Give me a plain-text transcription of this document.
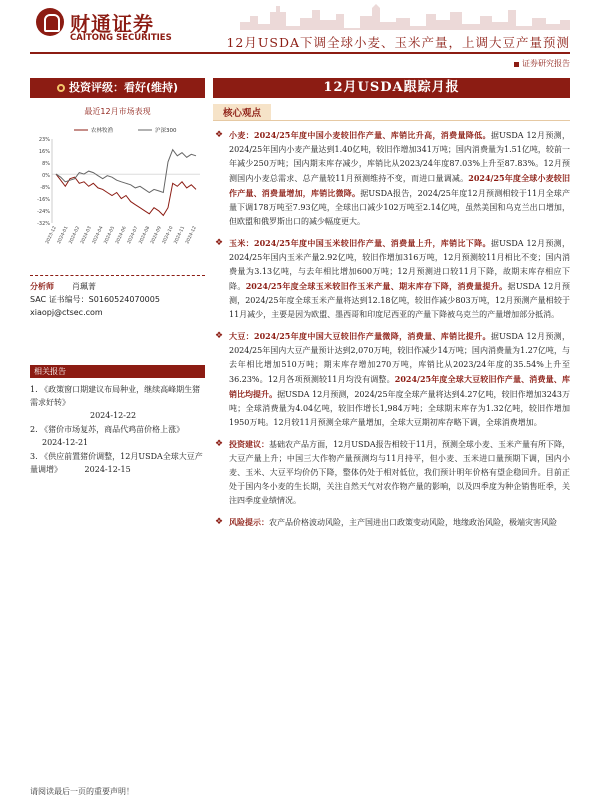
财通证券
CAITONG SECURITIES	12月USDA下调全球小麦、玉米产量，上调大豆产量预测
证券研究报告
投资评级：看好(维持)
最近12月市场表现
23%
16%
8%
0%
-8%
-16%
-24%
-32%
2023-12 2024-01 2024-02 2024-03 2024-04 2024-05 2024-06 2024-07 2024-08 2024-09 2024-10 2024-11 2024-12
农林牧渔	沪深300
分析师 肖珮菁
SAC 证书编号：S0160524070005
xiaopj@ctsec.com
相关报告
1. 《政策窗口期建议布局种业，继续高峰期生猪需求好转》
2024-12-22
2. 《猪价市场复苏，商品代鸡苗价格上涨》 2024-12-21
3. 《供应前置猪价调整，12月USDA全球大豆产量调增》	2024-12-15
12月USDA跟踪月报
核心观点
❖ 小麦：2024/25年度中国小麦较旧作产量、库销比升高，消费量降低。据USDA 12月预测，2024/25年国内小麦产量达到1.40亿吨，较旧作增加341万吨；国内消费量为1.51亿吨，较前一年减少250万吨；国内期末库存减少，库销比从2023/24年度87.03%上升至87.83%。12月预测国内小麦总需求、总产量较11月预测维持不变，而进口量调减。2024/25年度全球小麦较旧作产量、消费量增加，库销比微降。据USDA报告，2024/25年度12月预测相较于11月全球产量下调178万吨至7.93亿吨，全球出口减少102万吨至2.14亿吨，虽然美国和乌克兰出口增加，但欧盟和俄罗斯出口的减少幅度更大。
❖ 玉米：2024/25年度中国玉米较旧作产量、消费量上升，库销比下降。据USDA 12月预测，2024/25年国内玉米产量2.92亿吨，较旧作增加316万吨，12月预测较11月相比不变；国内消费量为3.13亿吨，与去年相比增加600万吨；12月预测进口较11月下降，故期末库存相应下降。2024/25年度全球玉米较旧作玉米产量、期末库存下降，消费量提升。据USDA 12月预测，2024/25年度全球玉米产量将达到12.18亿吨，较旧作减少803万吨，12月预测产量相较于11月减少，主要是因为欧盟、墨西哥和印度尼西亚的产量下降被乌克兰的产量增加部分抵消。
❖ 大豆：2024/25年度中国大豆较旧作产量微降，消费量、库销比提升。据USDA 12月预测，2024/25年国内大豆产量预计达到2,070万吨，较旧作减少14万吨；国内消费量为1.27亿吨，与去年相比增加510万吨；期末库存增加270万吨，库销比从2023/24年度的35.54%上升至36.23%。12月各项预测较11月均没有调整。2024/25年度全球大豆较旧作产量、消费量、库销比均提升。据USDA 12月预测，2024/25年度全球产量将达到4.27亿吨，较旧作增加3243万吨；全球消费量为4.04亿吨，较旧作增长1,984万吨；全球期末库存为1.32亿吨，较旧作增加1950万吨。12月较11月预测全球产量增加，全球大豆期初库存略下调，全球消费增加。
❖ 投资建议：基础农产品方面，12月USDA报告相较于11月，预测全球小麦、玉米产量有所下降，大豆产量上升；中国三大作物产量预测均与11月持平，但小麦、玉米进口量预期下调，国内小麦、玉米、大豆平均价仍下降，整体仍处于相对低位，我们预计明年价格有望企稳回升。目前正处于国内冬小麦的生长期，关注自然天气对农作物产量的影响，以及四季度为种企销售旺季，关注四季度业绩情况。
❖ 风险提示：农产品价格波动风险，主产国进出口政策变动风险，地缘政治风险，极端灾害风险
请阅读最后一页的重要声明！
